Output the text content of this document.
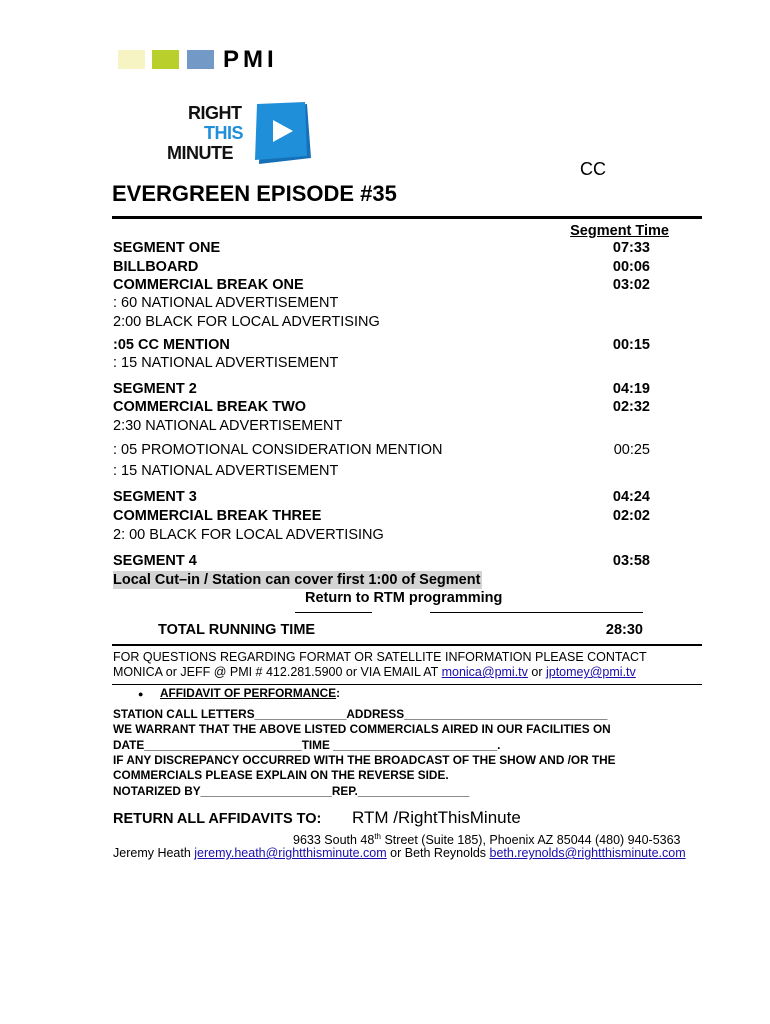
PMI
RIGHT
THIS
MINUTE
CC
EVERGREEN EPISODE #35
Segment Time
SEGMENT ONE	07:33
BILLBOARD	00:06
COMMERCIAL BREAK ONE	03:02
: 60 NATIONAL ADVERTISEMENT
2:00 BLACK FOR LOCAL ADVERTISING
:05 CC MENTION	00:15
: 15 NATIONAL ADVERTISEMENT
SEGMENT 2	04:19
COMMERCIAL BREAK TWO	02:32
2:30 NATIONAL ADVERTISEMENT
: 05 PROMOTIONAL CONSIDERATION MENTION	00:25
: 15 NATIONAL ADVERTISEMENT
SEGMENT 3	04:24
COMMERCIAL BREAK THREE	02:02
2: 00 BLACK FOR LOCAL ADVERTISING
SEGMENT 4	03:58
Local Cut–in / Station can cover first 1:00 of Segment
Return to RTM programming
TOTAL RUNNING TIME	28:30
FOR QUESTIONS REGARDING FORMAT OR SATELLITE INFORMATION PLEASE CONTACT
MONICA or JEFF @ PMI # 412.281.5900 or VIA EMAIL AT monica@pmi.tv or jptomey@pmi.tv
● AFFIDAVIT OF PERFORMANCE:
STATION CALL LETTERS______________ADDRESS_______________________________
WE WARRANT THAT THE ABOVE LISTED COMMERCIALS AIRED IN OUR FACILITIES ON
DATE________________________TIME _________________________.
IF ANY DISCREPANCY OCCURRED WITH THE BROADCAST OF THE SHOW AND /OR THE
COMMERCIALS PLEASE EXPLAIN ON THE REVERSE SIDE.
NOTARIZED BY____________________REP._________________
RETURN ALL AFFIDAVITS TO: RTM /RightThisMinute
9633 South 48th Street (Suite 185), Phoenix AZ 85044 (480) 940-5363
Jeremy Heath jeremy.heath@rightthisminute.com or Beth Reynolds beth.reynolds@rightthisminute.com
